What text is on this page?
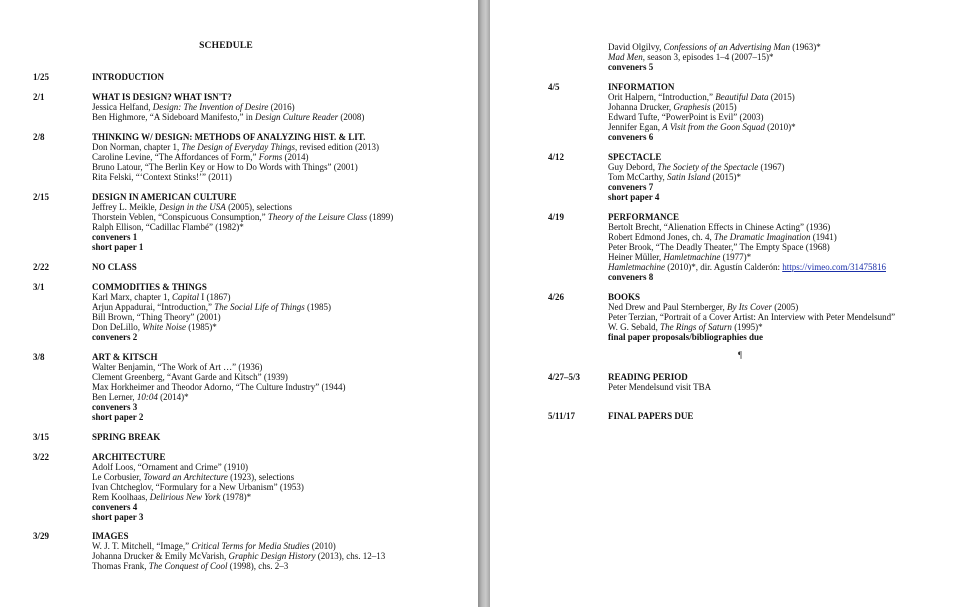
SCHEDULE
1/25	INTRODUCTION
2/1	WHAT IS DESIGN? WHAT ISN'T?
Jessica Helfand, Design: The Invention of Desire (2016)
Ben Highmore, “A Sideboard Manifesto,” in Design Culture Reader (2008)
2/8	THINKING W/ DESIGN: METHODS OF ANALYZING HIST. & LIT.
Don Norman, chapter 1, The Design of Everyday Things, revised edition (2013)
Caroline Levine, “The Affordances of Form,” Forms (2014)
Bruno Latour, “The Berlin Key or How to Do Words with Things” (2001)
Rita Felski, “‘Context Stinks!’” (2011)
2/15	DESIGN IN AMERICAN CULTURE
Jeffrey L. Meikle, Design in the USA (2005), selections
Thorstein Veblen, “Conspicuous Consumption,” Theory of the Leisure Class (1899)
Ralph Ellison, “Cadillac Flambé” (1982)*
conveners 1
short paper 1
2/22	NO CLASS
3/1	COMMODITIES & THINGS
Karl Marx, chapter 1, Capital I (1867)
Arjun Appadurai, “Introduction,” The Social Life of Things (1985)
Bill Brown, “Thing Theory” (2001)
Don DeLillo, White Noise (1985)*
conveners 2
3/8	ART & KITSCH
Walter Benjamin, “The Work of Art …” (1936)
Clement Greenberg, “Avant Garde and Kitsch” (1939)
Max Horkheimer and Theodor Adorno, “The Culture Industry” (1944)
Ben Lerner, 10:04 (2014)*
conveners 3
short paper 2
3/15	SPRING BREAK
3/22	ARCHITECTURE
Adolf Loos, “Ornament and Crime” (1910)
Le Corbusier, Toward an Architecture (1923), selections
Ivan Chtcheglov, “Formulary for a New Urbanism” (1953)
Rem Koolhaas, Delirious New York (1978)*
conveners 4
short paper 3
3/29	IMAGES
W. J. T. Mitchell, “Image,” Critical Terms for Media Studies (2010)
Johanna Drucker & Emily McVarish, Graphic Design History (2013), chs. 12–13
Thomas Frank, The Conquest of Cool (1998), chs. 2–3
¶
David Olgilvy, Confessions of an Advertising Man (1963)*
Mad Men, season 3, episodes 1–4 (2007–15)*
conveners 5
4/5	INFORMATION
Orit Halpern, “Introduction,” Beautiful Data (2015)
Johanna Drucker, Graphesis (2015)
Edward Tufte, “PowerPoint is Evil” (2003)
Jennifer Egan, A Visit from the Goon Squad (2010)*
conveners 6
4/12	SPECTACLE
Guy Debord, The Society of the Spectacle (1967)
Tom McCarthy, Satin Island (2015)*
conveners 7
short paper 4
4/19	PERFORMANCE
Bertolt Brecht, “Alienation Effects in Chinese Acting” (1936)
Robert Edmond Jones, ch. 4, The Dramatic Imagination (1941)
Peter Brook, “The Deadly Theater,” The Empty Space (1968)
Heiner Müller, Hamletmachine (1977)*
Hamletmachine (2010)*, dir. Agustín Calderón: https://vimeo.com/31475816
conveners 8
4/26	BOOKS
Ned Drew and Paul Sternberger, By Its Cover (2005)
Peter Terzian, “Portrait of a Cover Artist: An Interview with Peter Mendelsund”
W. G. Sebald, The Rings of Saturn (1995)*
final paper proposals/bibliographies due
4/27–5/3	READING PERIOD
Peter Mendelsund visit TBA
5/11/17	FINAL PAPERS DUE
